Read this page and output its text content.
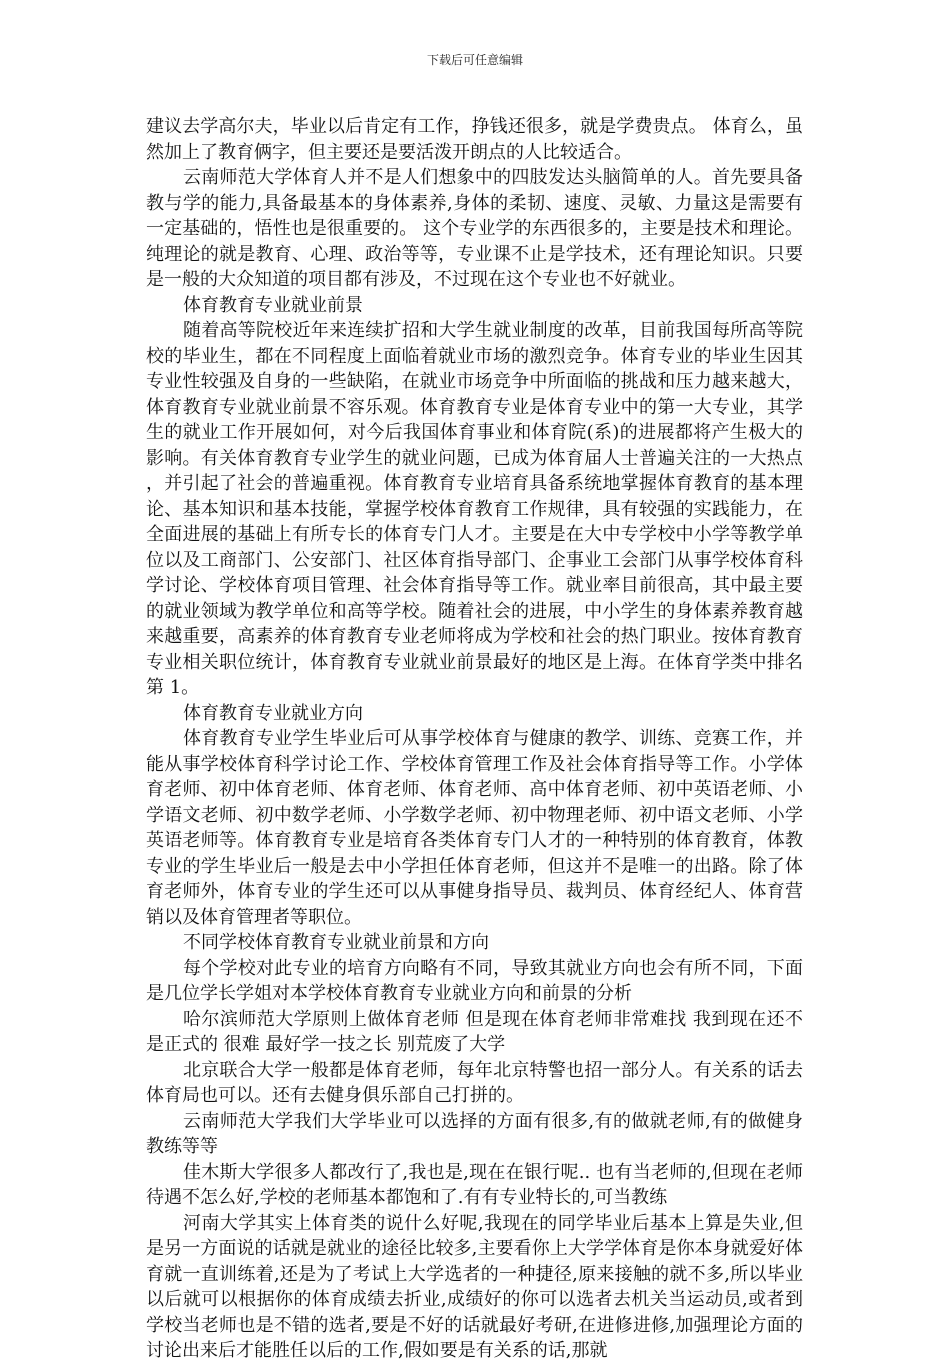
下载后可任意编辑

建议去学高尔夫，毕业以后肯定有工作，挣钱还很多，就是学费贵点。 体育么，虽然加上了教育俩字，但主要还是要活泼开朗点的人比较适合。

云南师范大学体育人并不是人们想象中的四肢发达头脑简单的人。首先要具备教与学的能力,具备最基本的身体素养,身体的柔韧、速度、灵敏、力量这是需要有一定基础的，悟性也是很重要的。 这个专业学的东西很多的，主要是技术和理论。纯理论的就是教育、心理、政治等等，专业课不止是学技术，还有理论知识。只要是一般的大众知道的项目都有涉及，不过现在这个专业也不好就业。

体育教育专业就业前景

随着高等院校近年来连续扩招和大学生就业制度的改革，目前我国每所高等院校的毕业生，都在不同程度上面临着就业市场的激烈竞争。体育专业的毕业生因其专业性较强及自身的一些缺陷，在就业市场竞争中所面临的挑战和压力越来越大，体育教育专业就业前景不容乐观。体育教育专业是体育专业中的第一大专业，其学生的就业工作开展如何，对今后我国体育事业和体育院(系)的进展都将产生极大的影响。有关体育教育专业学生的就业问题，已成为体育届人士普遍关注的一大热点，并引起了社会的普遍重视。体育教育专业培育具备系统地掌握体育教育的基本理论、基本知识和基本技能，掌握学校体育教育工作规律，具有较强的实践能力，在全面进展的基础上有所专长的体育专门人才。主要是在大中专学校中小学等教学单位以及工商部门、公安部门、社区体育指导部门、企事业工会部门从事学校体育科学讨论、学校体育项目管理、社会体育指导等工作。就业率目前很高，其中最主要的就业领域为教学单位和高等学校。随着社会的进展，中小学生的身体素养教育越来越重要，高素养的体育教育专业老师将成为学校和社会的热门职业。按体育教育专业相关职位统计，体育教育专业就业前景最好的地区是上海。在体育学类中排名第 1。

体育教育专业就业方向

体育教育专业学生毕业后可从事学校体育与健康的教学、训练、竞赛工作，并能从事学校体育科学讨论工作、学校体育管理工作及社会体育指导等工作。小学体育老师、初中体育老师、体育老师、体育老师、高中体育老师、初中英语老师、小学语文老师、初中数学老师、小学数学老师、初中物理老师、初中语文老师、小学英语老师等。体育教育专业是培育各类体育专门人才的一种特别的体育教育，体教专业的学生毕业后一般是去中小学担任体育老师，但这并不是唯一的出路。除了体育老师外，体育专业的学生还可以从事健身指导员、裁判员、体育经纪人、体育营销以及体育管理者等职位。

不同学校体育教育专业就业前景和方向

每个学校对此专业的培育方向略有不同，导致其就业方向也会有所不同，下面是几位学长学姐对本学校体育教育专业就业方向和前景的分析

哈尔滨师范大学原则上做体育老师 但是现在体育老师非常难找 我到现在还不是正式的 很难 最好学一技之长 别荒废了大学

北京联合大学一般都是体育老师，每年北京特警也招一部分人。有关系的话去体育局也可以。还有去健身俱乐部自己打拼的。

云南师范大学我们大学毕业可以选择的方面有很多,有的做就老师,有的做健身教练等等

佳木斯大学很多人都改行了,我也是,现在在银行呢.. 也有当老师的,但现在老师待遇不怎么好,学校的老师基本都饱和了.有有专业特长的,可当教练

河南大学其实上体育类的说什么好呢,我现在的同学毕业后基本上算是失业,但是另一方面说的话就是就业的途径比较多,主要看你上大学学体育是你本身就爱好体育就一直训练着,还是为了考试上大学选者的一种捷径,原来接触的就不多,所以毕业以后就可以根据你的体育成绩去折业,成绩好的你可以选者去机关当运动员,或者到学校当老师也是不错的选者,要是不好的话就最好考研,在进修进修,加强理论方面的讨论出来后才能胜任以后的工作,假如要是有关系的话,那就
